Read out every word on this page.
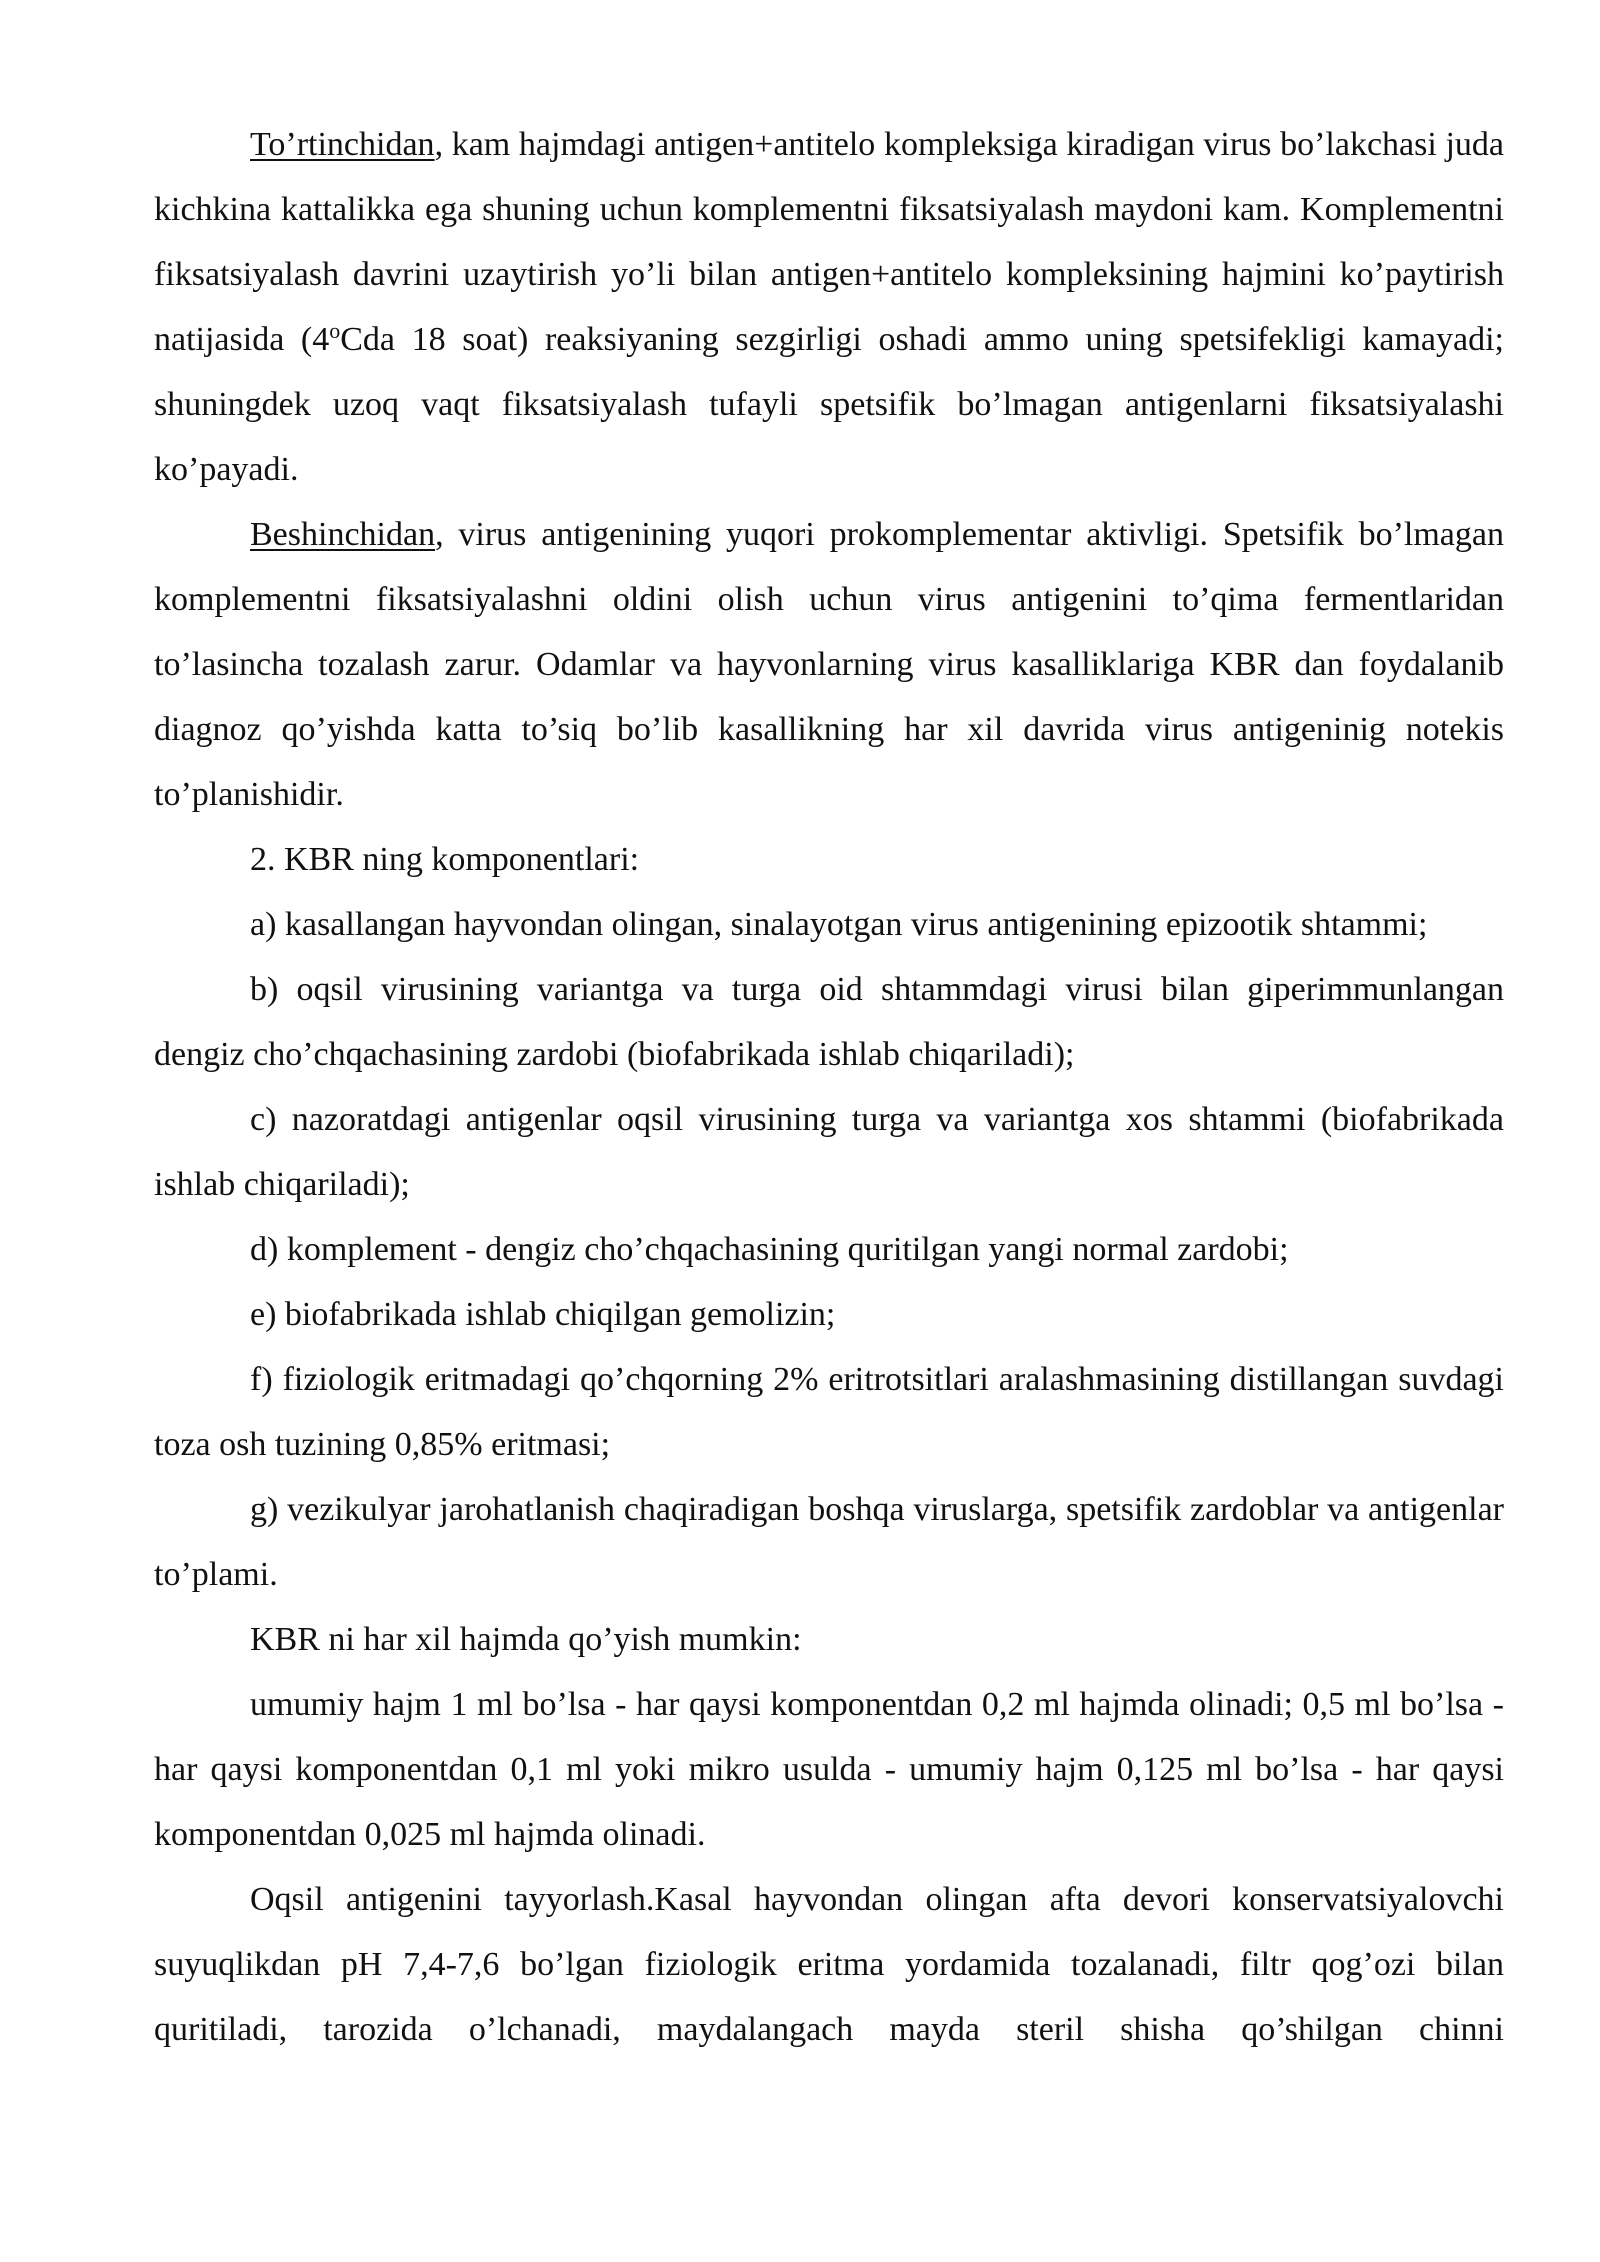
To’rtinchidan, kam hajmdagi antigen+antitelo kompleksiga kiradigan virus bo’lakchasi juda kichkina kattalikka ega shuning uchun komplementni fiksatsiyalash maydoni kam. Komplementni fiksatsiyalash davrini uzaytirish yo’li bilan antigen+antitelo kompleksining hajmini ko’paytirish natijasida (4$^o$Cda 18 soat) reaksiyaning sezgirligi oshadi ammo uning spetsifekligi kamayadi; shuningdek uzoq vaqt fiksatsiyalash tufayli spetsifik bo’lmagan antigenlarni fiksatsiyalashi ko’payadi.

Beshinchidan, virus antigenining yuqori prokomplementar aktivligi. Spetsifik bo’lmagan komplementni fiksatsiyalashni oldini olish uchun virus antigenini to’qima fermentlaridan to’lasincha tozalash zarur. Odamlar va hayvonlarning virus kasalliklariga KBR dan foydalanib diagnoz qo’yishda katta to’siq bo’lib kasallikning har xil davrida virus antigeninig notekis to’planishidir.

2. KBR ning komponentlari:

a) kasallangan hayvondan olingan, sinalayotgan virus antigenining epizootik shtammi;

b) oqsil virusining variantga va turga oid shtammdagi virusi bilan giperimmunlangan dengiz cho’chqachasining zardobi (biofabrikada ishlab chiqariladi);

c) nazoratdagi antigenlar oqsil virusining turga va variantga xos shtammi (biofabrikada ishlab chiqariladi);

d) komplement - dengiz cho’chqachasining quritilgan yangi normal zardobi;

e) biofabrikada ishlab chiqilgan gemolizin;

f) fiziologik eritmadagi qo’chqorning 2% eritrotsitlari aralashmasining distillangan suvdagi toza osh tuzining 0,85% eritmasi;

g) vezikulyar jarohatlanish chaqiradigan boshqa viruslarga, spetsifik zardoblar va antigenlar to’plami.

KBR ni har xil hajmda qo’yish mumkin:

umumiy hajm 1 ml bo’lsa - har qaysi komponentdan 0,2 ml hajmda olinadi; 0,5 ml bo’lsa - har qaysi komponentdan 0,1 ml yoki mikro usulda - umumiy hajm 0,125 ml bo’lsa - har qaysi komponentdan 0,025 ml hajmda olinadi.

Oqsil antigenini tayyorlash.Kasal hayvondan olingan afta devori konservatsiyalovchi suyuqlikdan pH 7,4-7,6 bo’lgan fiziologik eritma yordamida tozalanadi, filtr qog’ozi bilan quritiladi, tarozida o’lchanadi, maydalangach mayda steril shisha qo’shilgan chinni
